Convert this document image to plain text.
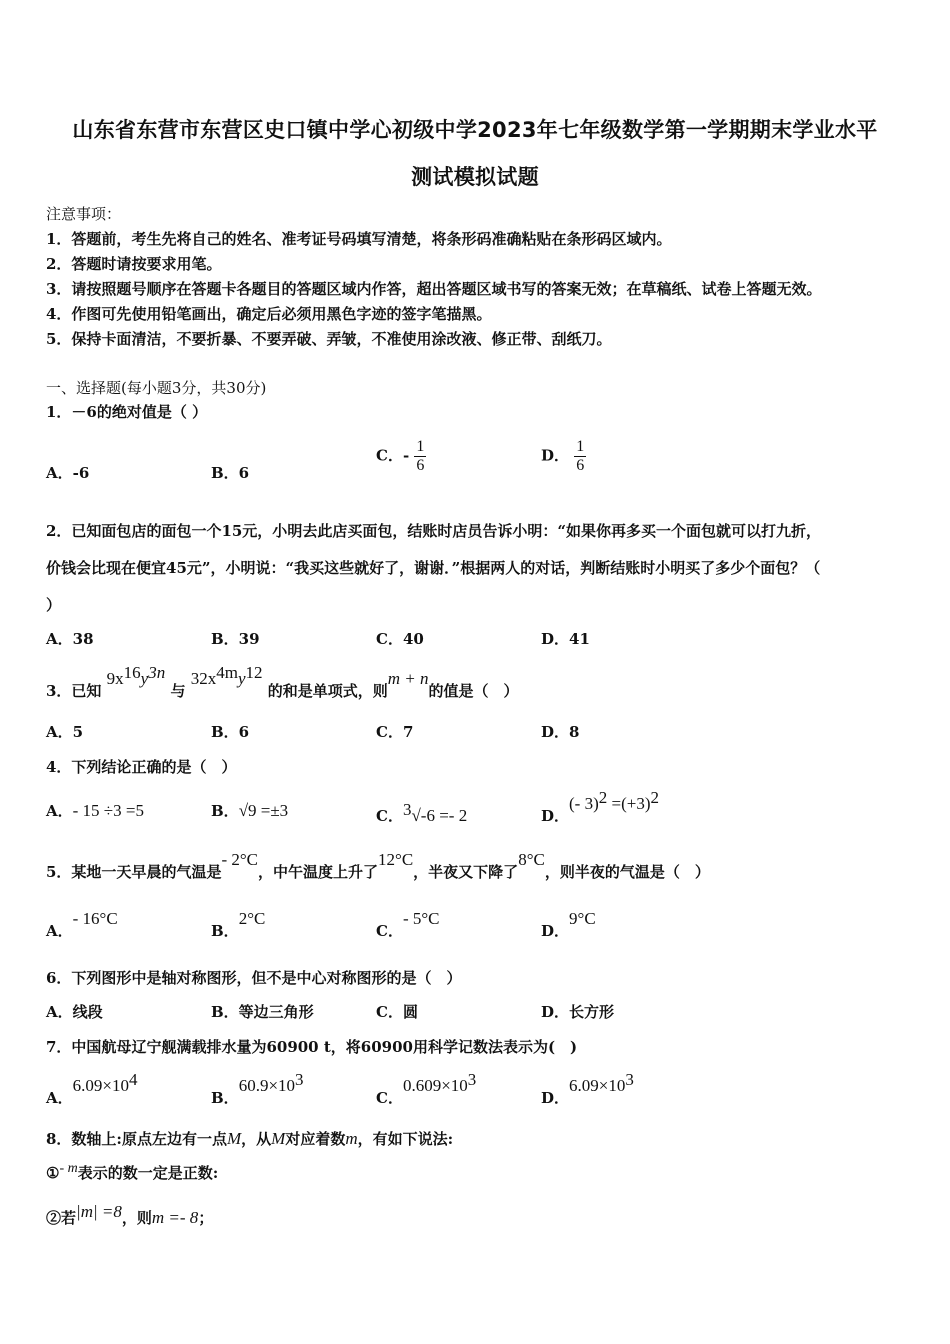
山东省东营市东营区史口镇中学心初级中学2023年七年级数学第一学期期末学业水平
测试模拟试题
注意事项：
1．答题前，考生先将自己的姓名、准考证号码填写清楚，将条形码准确粘贴在条形码区域内。
2．答题时请按要求用笔。
3．请按照题号顺序在答题卡各题目的答题区域内作答，超出答题区域书写的答案无效；在草稿纸、试卷上答题无效。
4．作图可先使用铅笔画出，确定后必须用黑色字迹的签字笔描黑。
5．保持卡面清洁，不要折暴、不要弄破、弄皱，不准使用涂改液、修正带、刮纸刀。
一、选择题(每小题3分，共30分)
1．－6的绝对值是（ ）
A．-6	B．6
C．- $\frac{1}{6}$	D． $\frac{1}{6}$
2．已知面包店的面包一个15元，小明去此店买面包，结账时店员告诉小明：“如果你再多买一个面包就可以打九折，
价钱会比现在便宜45元”，小明说：“我买这些就好了，谢谢．”根据两人的对话，判断结账时小明买了多少个面包？（
）
A．38	B．39	C．40	D．41
3．已知 $9x^{16}y^{3n}$ 与 $32x^{4m}y^{12}$ 的和是单项式，则m + n的值是（　）
A．5	B．6	C．7	D．8
4．下列结论正确的是（　）
A．- 15 ÷3 =5	B．√9 =±3	C．$^3$√-6 =- 2	D．(- $3)^2 =(+3)^2$
5．某地一天早晨的气温是- 2°C，中午温度上升了12°C，半夜又下降了8°C，则半夜的气温是（　）
A．- 16°C
B．2°C
C．- 5°C
D．9°C
6．下列图形中是轴对称图形，但不是中心对称图形的是（　）
A．线段	B．等边三角形	C．圆	D．长方形
7．中国航母辽宁舰满载排水量为60900 t，将60900用科学记数法表示为(　)
A．$6.09\times 10^4$
B．$60.9\times 10^3$
C．$0.609\times 10^3$
D．$6.09\times 10^3$
8．数轴上:原点左边有一点M，从M对应着数m，有如下说法:
①- m表示的数一定是正数:
②若|m| =8，则m =- 8；
